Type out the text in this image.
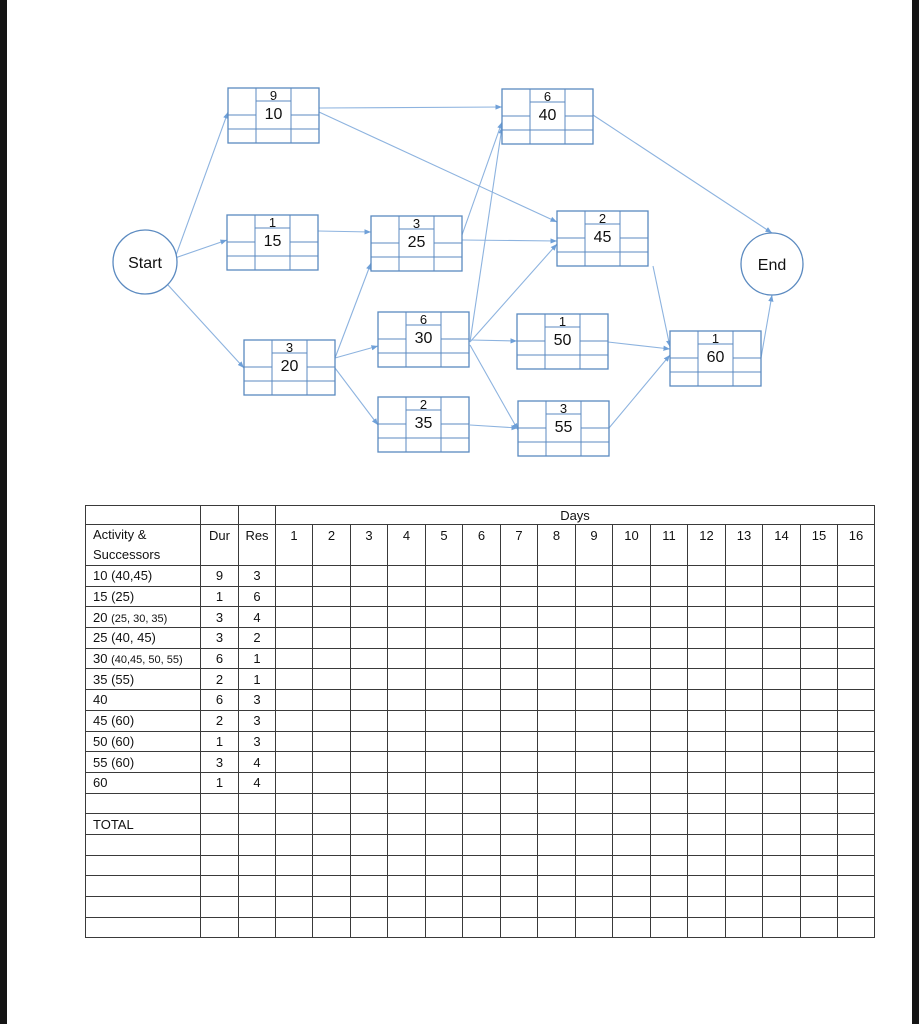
9
10
1
15
3
20
3
25
6
30
2
35
6
40
2
45
1
50
3
55
1
60
Start	End
			Days															

Activity &
Successors	Dur	Res	1	2	3	4	5	6	7	8	9	10	11	12	13	14	15	16
10 (40,45)	9	3																
15 (25)	1	6																
20 (25, 30, 35)	3	4																
25 (40, 45)	3	2																
30 (40,45, 50, 55)	6	1																
35 (55)	2	1																
40	6	3																
45 (60)	2	3																
50 (60)	1	3																
55 (60)	3	4																
60	1	4																

TOTAL																		
